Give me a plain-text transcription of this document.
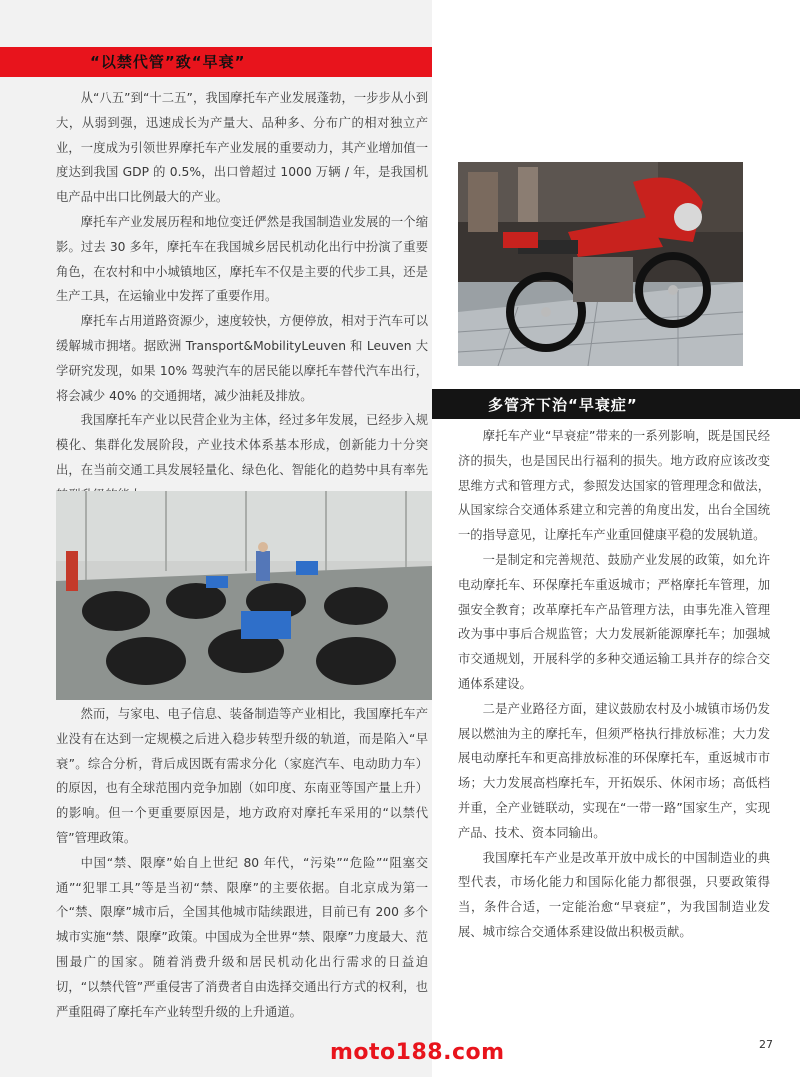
“以禁代管”致“早衰”
多管齐下治“早衰症”

从“八五”到“十二五”，我国摩托车产业发展蓬勃，一步步从小到大，从弱到强，迅速成长为产量大、品种多、分布广的相对独立产业，一度成为引领世界摩托车产业发展的重要动力，其产业增加值一度达到我国 GDP 的 0.5%，出口曾超过 1000 万辆 / 年，是我国机电产品中出口比例最大的产业。

摩托车产业发展历程和地位变迁俨然是我国制造业发展的一个缩影。过去 30 多年，摩托车在我国城乡居民机动化出行中扮演了重要角色，在农村和中小城镇地区，摩托车不仅是主要的代步工具，还是生产工具，在运输业中发挥了重要作用。

摩托车占用道路资源少，速度较快，方便停放，相对于汽车可以缓解城市拥堵。据欧洲 Transport&MobilityLeuven 和 Leuven 大学研究发现，如果 10% 驾驶汽车的居民能以摩托车替代汽车出行，将会减少 40% 的交通拥堵，减少油耗及排放。

我国摩托车产业以民营企业为主体，经过多年发展，已经步入规模化、集群化发展阶段，产业技术体系基本形成，创新能力十分突出，在当前交通工具发展轻量化、绿色化、智能化的趋势中具有率先

然而，与家电、电子信息、装备制造等产业相比，我国摩托车产业没有在达到一定规模之后进入稳步转型升级的轨道，而是陷入“早衰”。综合分析，背后成因既有需求分化（家庭汽车、电动助力车）的原因，也有全球范围内竞争加剧（如印度、东南亚等国产量上升）的影响。但一个更重要原因是，地方政府对摩托车采用的“以禁代管”管理政策。

中国“禁、限摩”始自上世纪 80 年代，“污染”“危险”“阻塞交通”“犯罪工具”等是当初“禁、限摩”的主要依据。自北京成为第一个“禁、限摩”城市后，全国其他城市陆续跟进，目前已有 200 多个城市实施“禁、限摩”政策。中国成为全世界“禁、限摩”力度最大、范围最广的国家。随着消费升级和居民机动化出行需求的日益迫切，“以禁代管”严重侵害了消费者自由选择交通出行方式的权利，也严重阻碍了摩托车产业转型升级的上升通道。

摩托车产业“早衰症”带来的一系列影响，既是国民经济的损失，也是国民出行福利的损失。地方政府应该改变思维方式和管理方式，参照发达国家的管理理念和做法，从国家综合交通体系建立和完善的角度出发，出台全国统一的指导意见，让摩托车产业重回健康平稳的发展轨道。

一是制定和完善规范、鼓励产业发展的政策，如允许电动摩托车、环保摩托车重返城市；严格摩托车管理，加强安全教育；改革摩托车产品管理方法，由事先准入管理改为事中事后合规监管；大力发展新能源摩托车；加强城市交通规划，开展科学的多种交通运输工具并存的综合交通体系建设。

二是产业路径方面，建议鼓励农村及小城镇市场仍发展以燃油为主的摩托车，但须严格执行排放标准；大力发展电动摩托车和更高排放标准的环保摩托车，重返城市市场；大力发展高档摩托车，开拓娱乐、休闲市场；高低档并重，全产业链联动，实现在“一带一路”国家生产，实现产品、技术、资本同输出。

我国摩托车产业是改革开放中成长的中国制造业的典型代表，市场化能力和国际化能力都很强，只要政策得当，条件合适，一定能治愈“早衰症”，为我国制造业发展、城市综合交通体系建设做出积极贡献。

moto188.com	27
